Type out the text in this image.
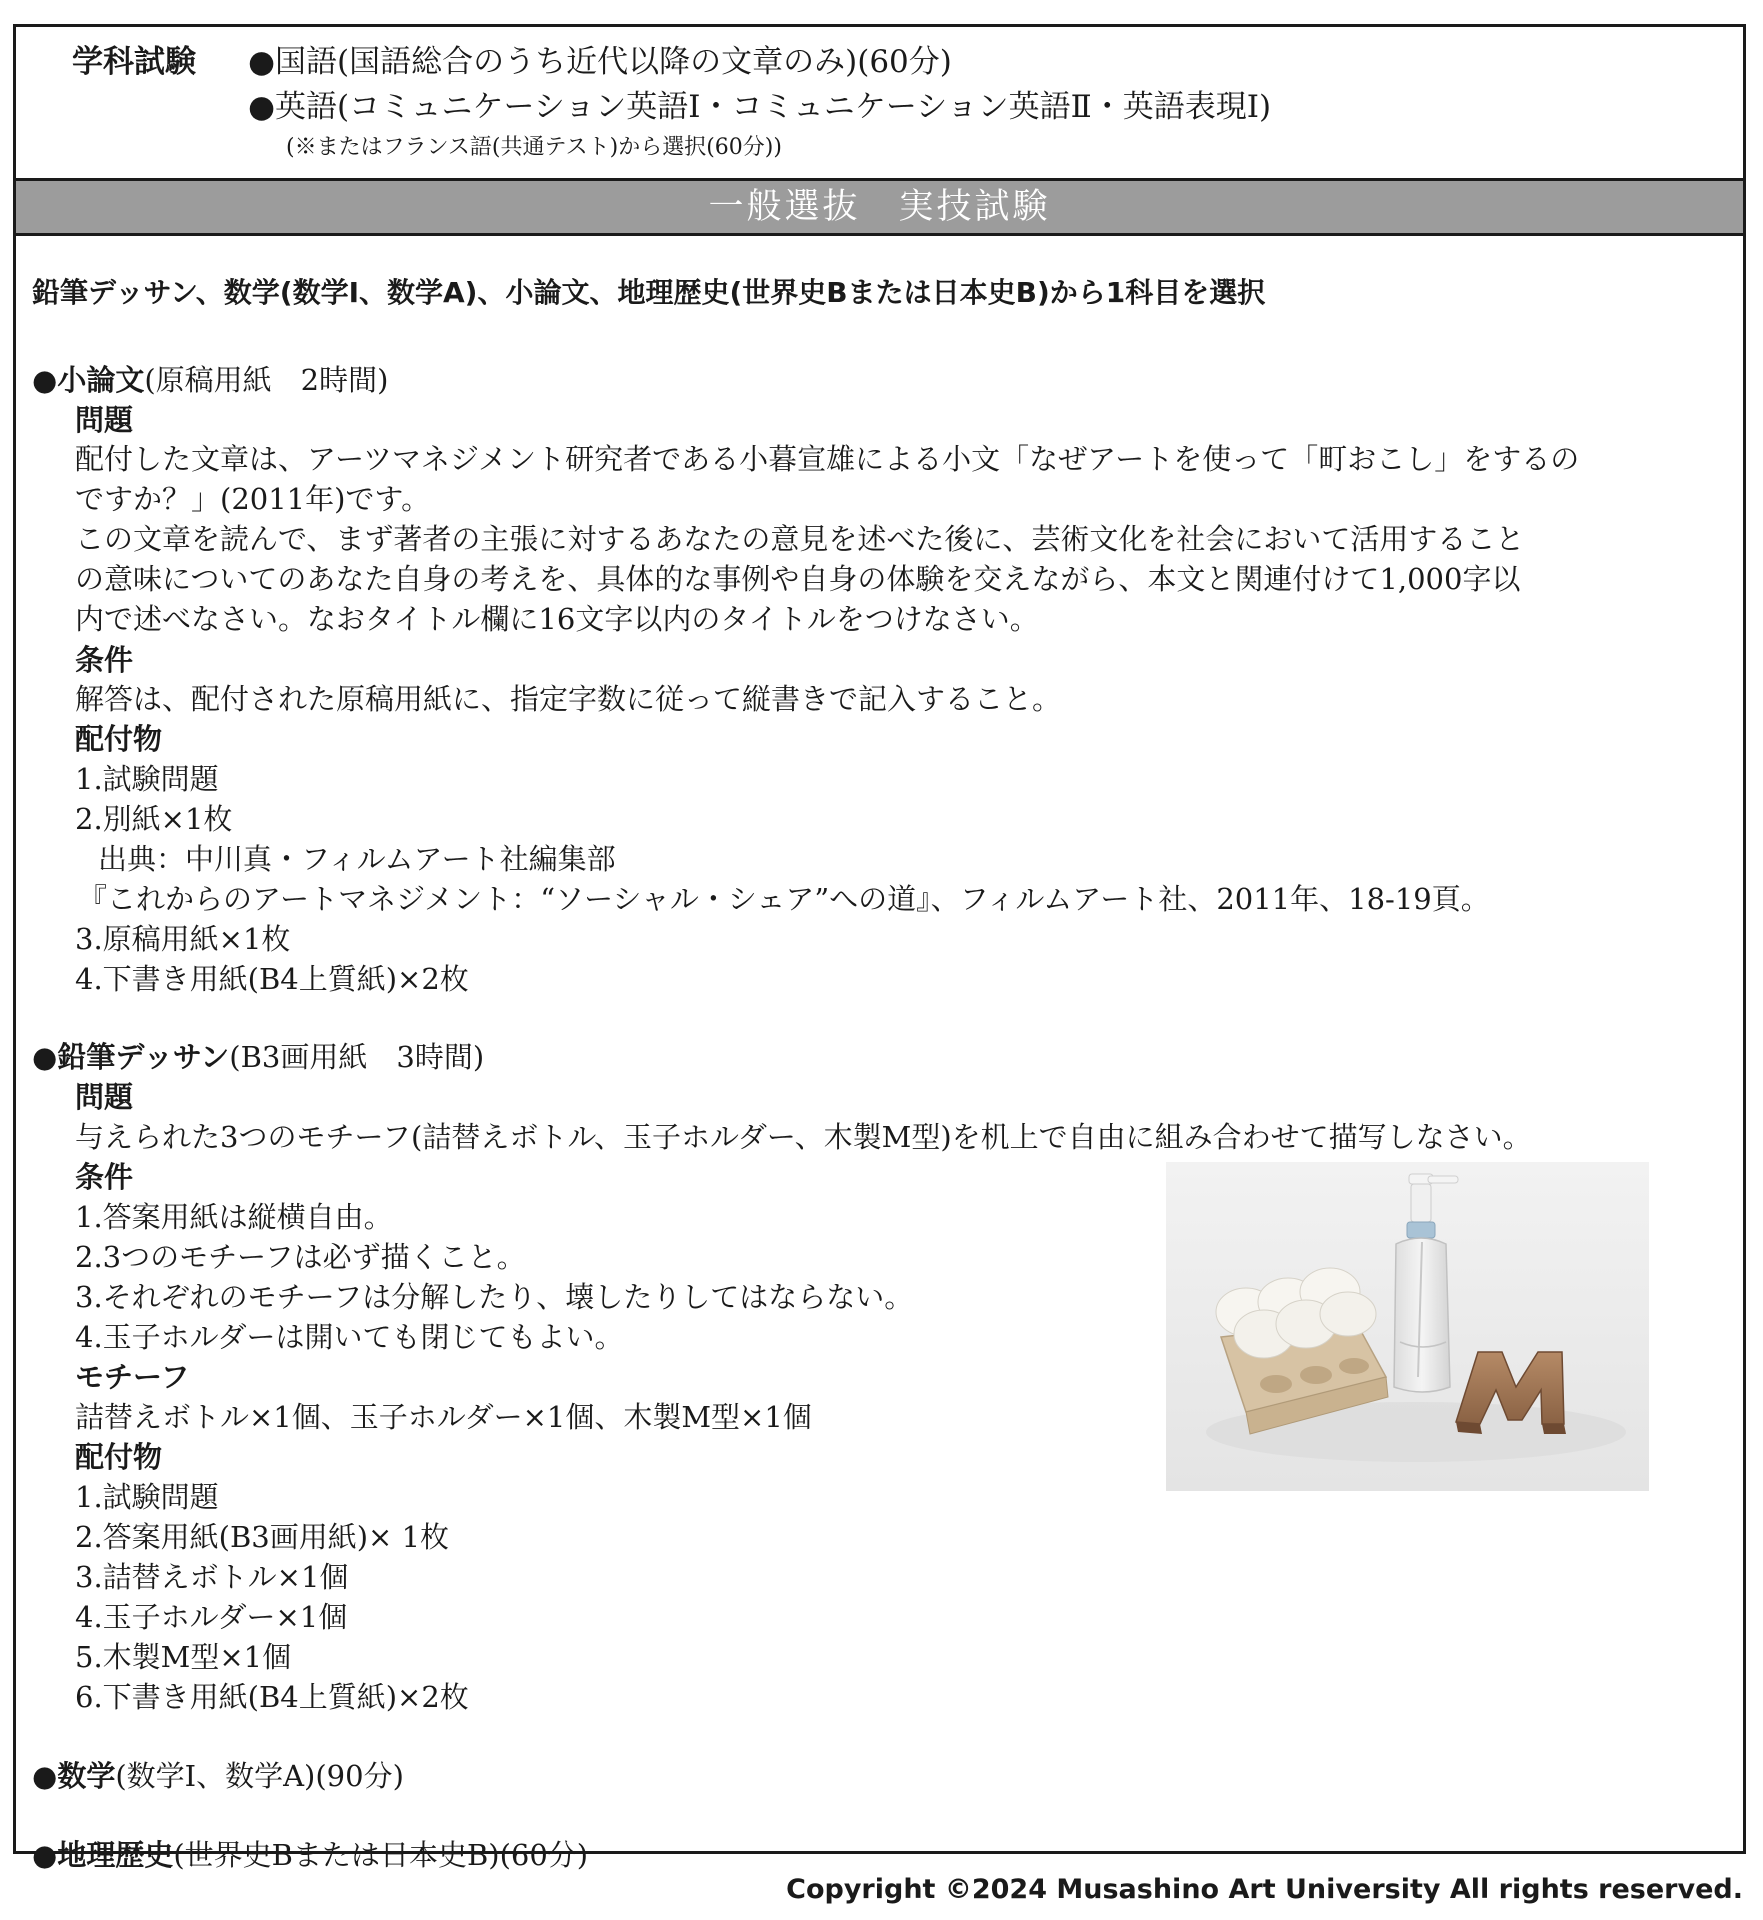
学科試験 ●国語(国語総合のうち近代以降の文章のみ)(60分)
●英語(コミュニケーション英語Ⅰ・コミュニケーション英語Ⅱ・英語表現Ⅰ)
(※またはフランス語(共通テスト)から選択(60分))
一般選抜　実技試験
鉛筆デッサン、数学(数学Ⅰ、数学A)、小論文、地理歴史(世界史Bまたは日本史B)から1科目を選択
●小論文(原稿用紙　2時間)
問題
配付した文章は、アーツマネジメント研究者である小暮宣雄による小文「なぜアートを使って「町おこし」をするの
ですか？」(2011年)です。
この文章を読んで、まず著者の主張に対するあなたの意見を述べた後に、芸術文化を社会において活用すること
の意味についてのあなた自身の考えを、具体的な事例や自身の体験を交えながら、本文と関連付けて1,000字以
内で述べなさい。なおタイトル欄に16文字以内のタイトルをつけなさい。
条件
解答は、配付された原稿用紙に、指定字数に従って縦書きで記入すること。
配付物
1.試験問題
2.別紙×1枚
出典：中川真・フィルムアート社編集部
『これからのアートマネジメント：“ソーシャル・シェア”への道』、フィルムアート社、2011年、18-19頁。
3.原稿用紙×1枚
4.下書き用紙(B4上質紙)×2枚
●鉛筆デッサン(B3画用紙　3時間)
問題
与えられた3つのモチーフ(詰替えボトル、玉子ホルダー、木製M型)を机上で自由に組み合わせて描写しなさい。
条件
1.答案用紙は縦横自由。
2.3つのモチーフは必ず描くこと。
3.それぞれのモチーフは分解したり、壊したりしてはならない。
4.玉子ホルダーは開いても閉じてもよい。
モチーフ
詰替えボトル×1個、玉子ホルダー×1個、木製M型×1個
配付物
1.試験問題
2.答案用紙(B3画用紙)× 1枚
3.詰替えボトル×1個
4.玉子ホルダー×1個
5.木製M型×1個
6.下書き用紙(B4上質紙)×2枚
●数学(数学Ⅰ、数学A)(90分)
●地理歴史(世界史Bまたは日本史B)(60分)
Copyright ©2024 Musashino Art University All rights reserved.
